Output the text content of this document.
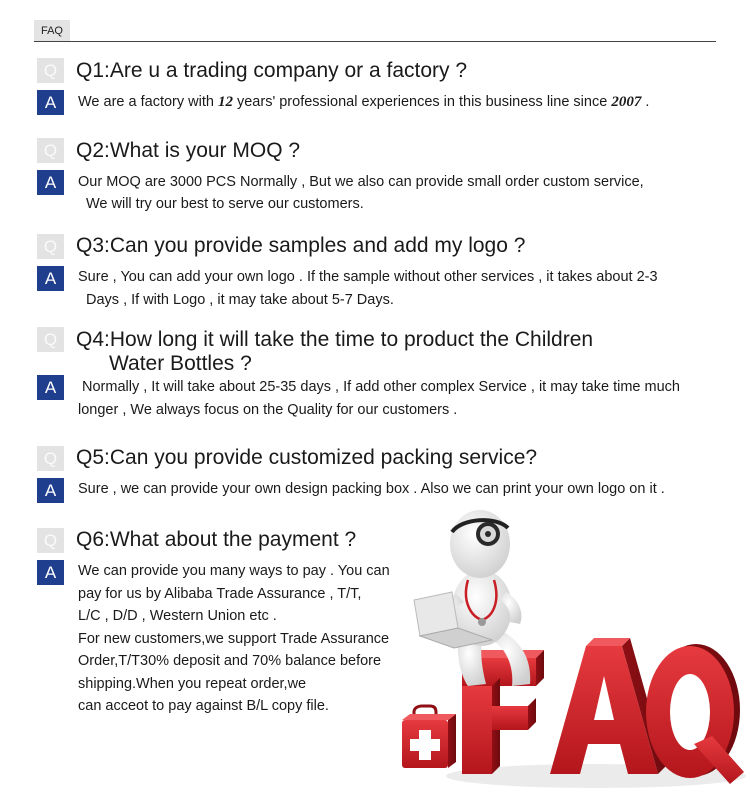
FAQ
Q Q1:Are u a trading company or a factory ?
A	We are a factory with 12 years' professional experiences in this business line since 2007 .
Q Q2:What is your MOQ ?
A	Our MOQ are 3000 PCS Normally , But we also can provide small order custom service,
We will try our best to serve our customers.
Q Q3:Can you provide samples and add my logo ?
A	Sure , You can add your own logo . If the sample without other services , it takes about 2-3
Days , If with Logo , it may take about 5-7 Days.
Q Q4:How long it will take the time to product the Children
Water Bottles ?
A	Normally , It will take about 25-35 days , If add other complex Service , it may take time much
longer , We always focus on the Quality for our customers .
Q Q5:Can you provide customized packing service?
A	Sure , we can provide your own design packing box . Also we can print your own logo on it .
Q Q6:What about the payment ?
A	We can provide you many ways to pay . You can
pay for us by Alibaba Trade Assurance , T/T,
L/C , D/D , Western Union etc .
For new customers,we support Trade Assurance
Order,T/T30% deposit and 70% balance before
shipping.When you repeat order,we
can acceot to pay against B/L copy file.
